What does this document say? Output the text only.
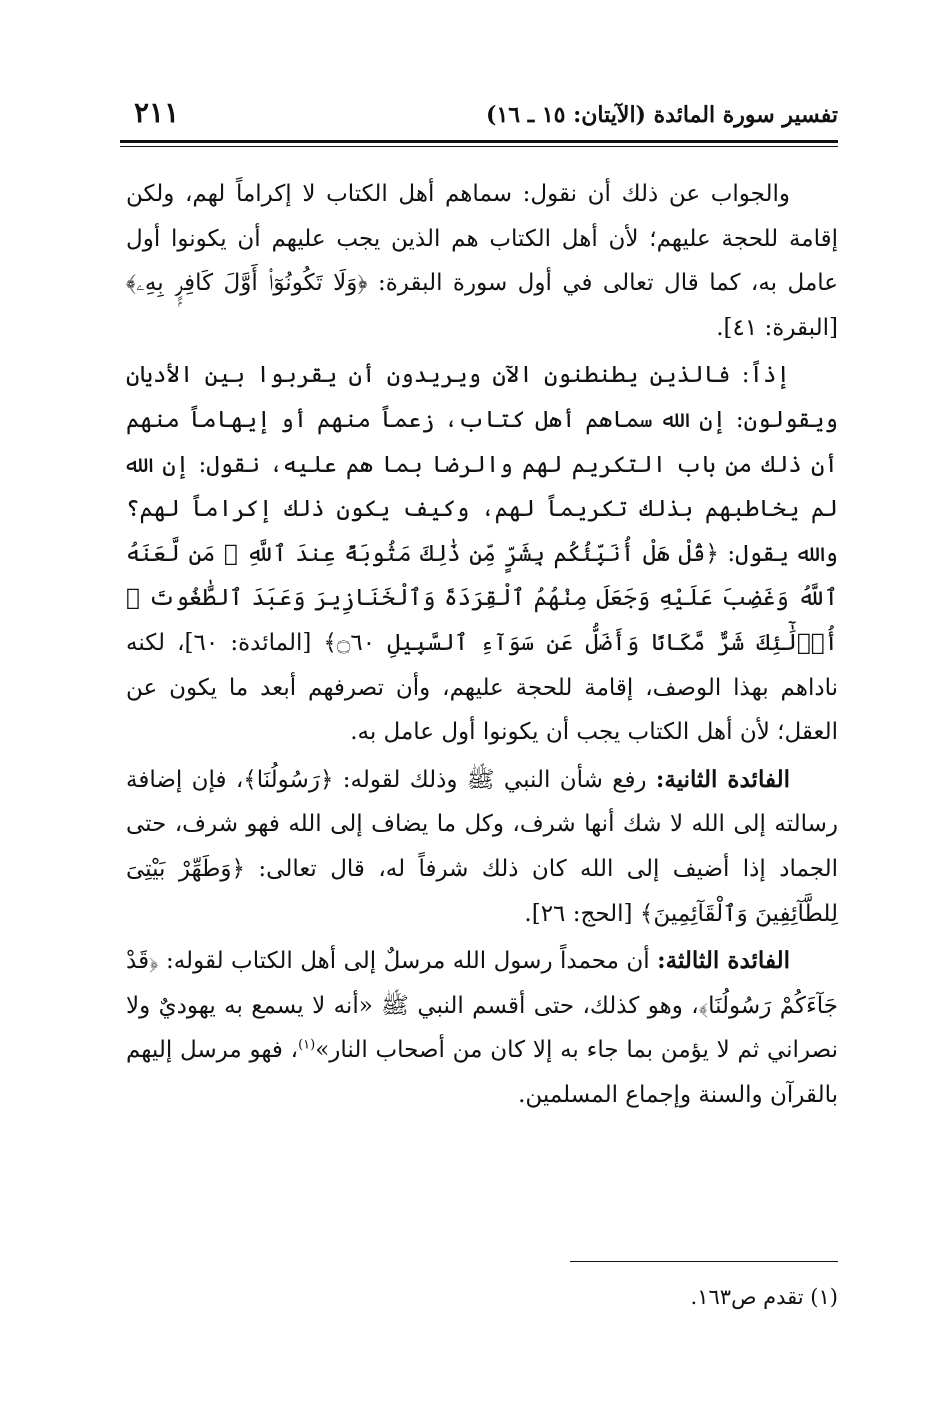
تفسير سورة المائدة (الآيتان: ١٥ ـ ١٦)
٢١١

والجواب عن ذلك أن نقول: سماهم أهل الكتاب لا إكراماً لهم، ولكن إقامة للحجة عليهم؛ لأن أهل الكتاب هم الذين يجب عليهم أن يكونوا أول عامل به، كما قال تعالى في أول سورة البقرة: ﴿وَلَا تَكُونُوٓا۟ أَوَّلَ كَافِرٍۭ بِهِۦ﴾ [البقرة: ٤١].

إذاً: فالذين يطنطنون الآن ويريدون أن يقربوا بين الأديان ويقولون: إن الله سماهم أهل كتاب، زعماً منهم أو إيهاماً منهم أن ذلك من باب التكريم لهم والرضا بما هم عليه، نقول: إن الله لم يخاطبهم بذلك تكريماً لهم، وكيف يكون ذلك إكراماً لهم؟ والله يقول: ﴿قُلْ هَلْ أُنَبِّئُكُم بِشَرٍّ مِّن ذَٰلِكَ مَثُوبَةً عِندَ ٱللَّهِ ۚ مَن لَّعَنَهُ ٱللَّهُ وَغَضِبَ عَلَيْهِ وَجَعَلَ مِنْهُمُ ٱلْقِرَدَةَ وَٱلْخَنَازِيرَ وَعَبَدَ ٱلطَّٰغُوتَ ۚ أُو۟لَٰٓئِكَ شَرٌّ مَّكَانًا وَأَضَلُّ عَن سَوَآءِ ٱلسَّبِيلِ ۝٦٠﴾ [المائدة: ٦٠]، لكنه ناداهم بهذا الوصف، إقامة للحجة عليهم، وأن تصرفهم أبعد ما يكون عن العقل؛ لأن أهل الكتاب يجب أن يكونوا أول عامل به.

الفائدة الثانية: رفع شأن النبي ﷺ وذلك لقوله: ﴿رَسُولُنَا﴾، فإن إضافة رسالته إلى الله لا شك أنها شرف، وكل ما يضاف إلى الله فهو شرف، حتى الجماد إذا أضيف إلى الله كان ذلك شرفاً له، قال تعالى: ﴿وَطَهِّرْ بَيْتِىَ لِلطَّآئِفِينَ وَٱلْقَآئِمِينَ﴾ [الحج: ٢٦].

الفائدة الثالثة: أن محمداً رسول الله مرسلٌ إلى أهل الكتاب لقوله: ﴿قَدْ جَآءَكُمْ رَسُولُنَا﴾، وهو كذلك، حتى أقسم النبي ﷺ «أنه لا يسمع به يهوديٌ ولا نصراني ثم لا يؤمن بما جاء به إلا كان من أصحاب النار»$^{(١)}$، فهو مرسل إليهم بالقرآن والسنة وإجماع المسلمين.

(١) تقدم ص١٦٣.
